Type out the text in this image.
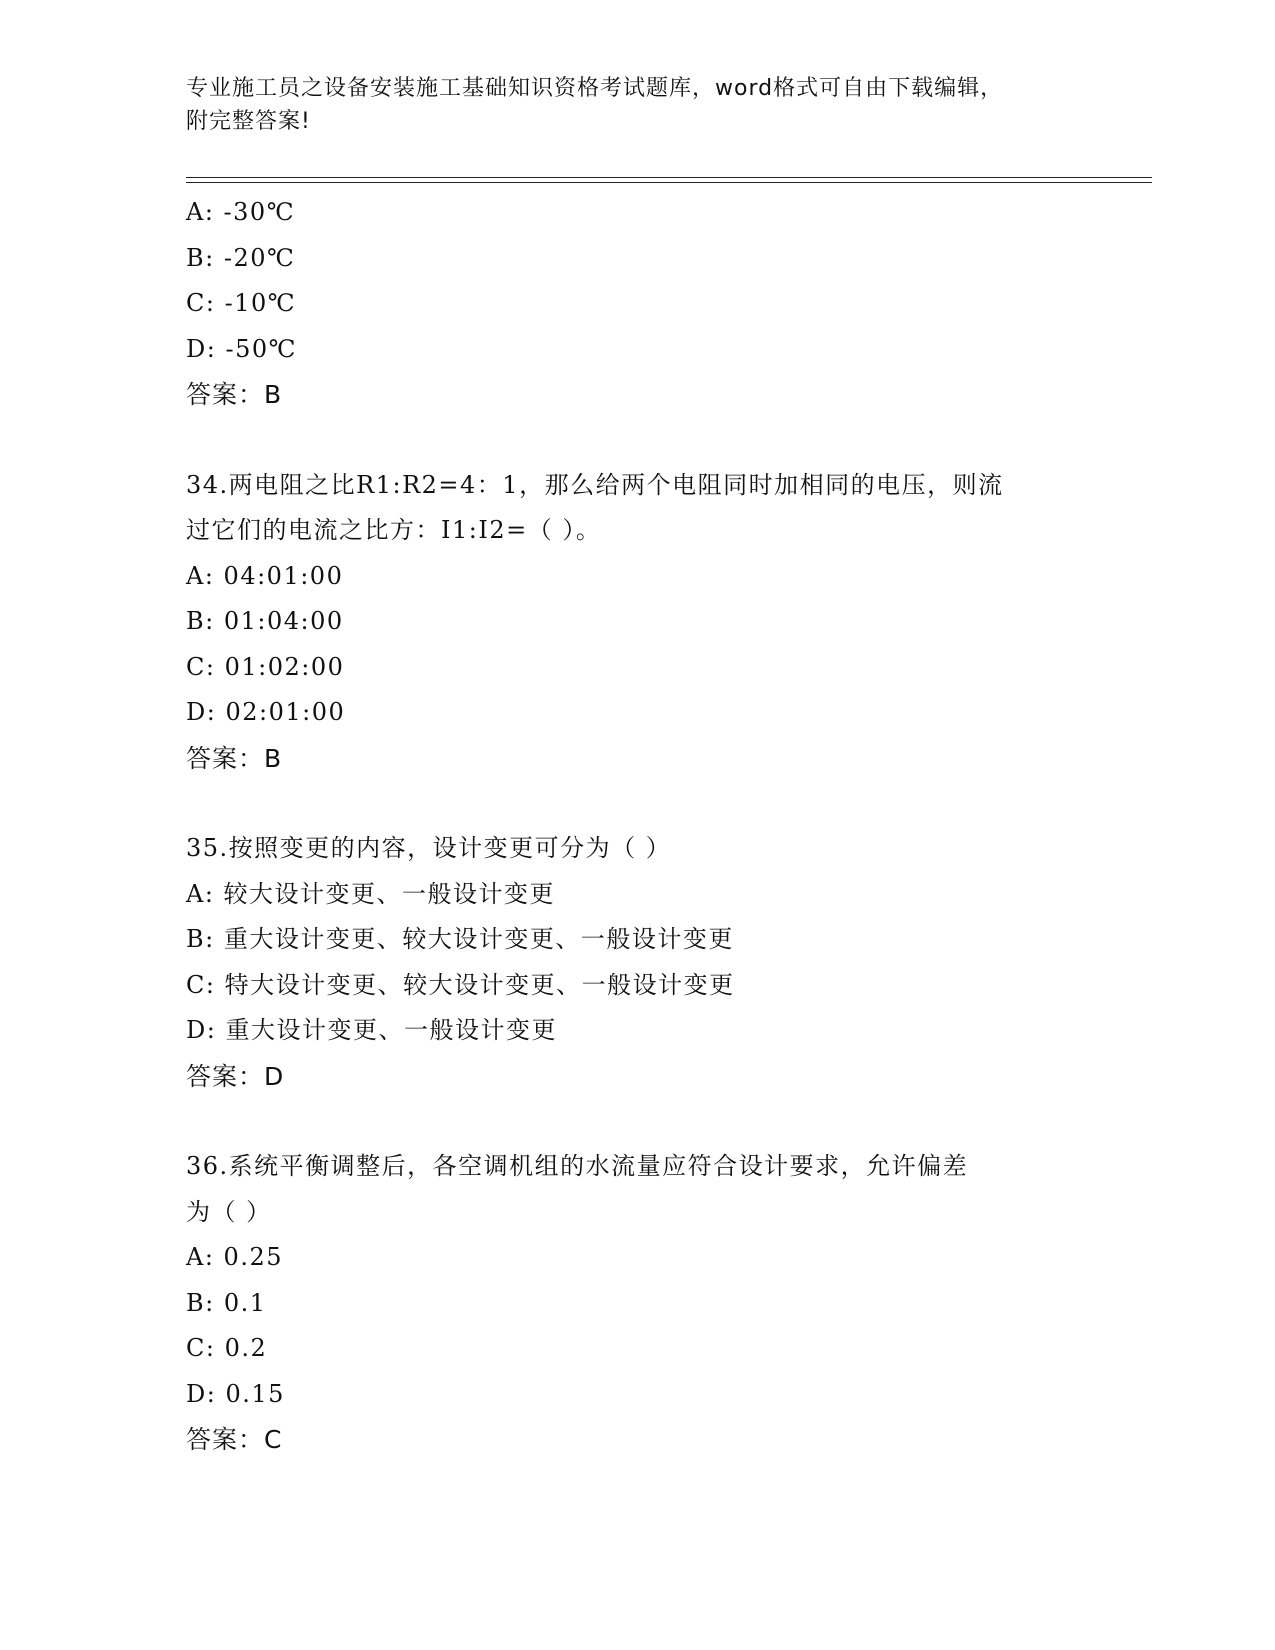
专业施工员之设备安装施工基础知识资格考试题库，word格式可自由下载编辑，
附完整答案!
A: -30℃
B: -20℃
C: -10℃
D: -50℃
答案：B
34.两电阻之比R1:R2=4：1，那么给两个电阻同时加相同的电压，则流
过它们的电流之比方：I1:I2=（ ）。
A: 04:01:00
B: 01:04:00
C: 01:02:00
D: 02:01:00
答案：B
35.按照变更的内容，设计变更可分为（ ）
A: 较大设计变更、一般设计变更
B: 重大设计变更、较大设计变更、一般设计变更
C: 特大设计变更、较大设计变更、一般设计变更
D: 重大设计变更、一般设计变更
答案：D
36.系统平衡调整后，各空调机组的水流量应符合设计要求，允许偏差
为（ ）
A: 0.25
B: 0.1
C: 0.2
D: 0.15
答案：C
